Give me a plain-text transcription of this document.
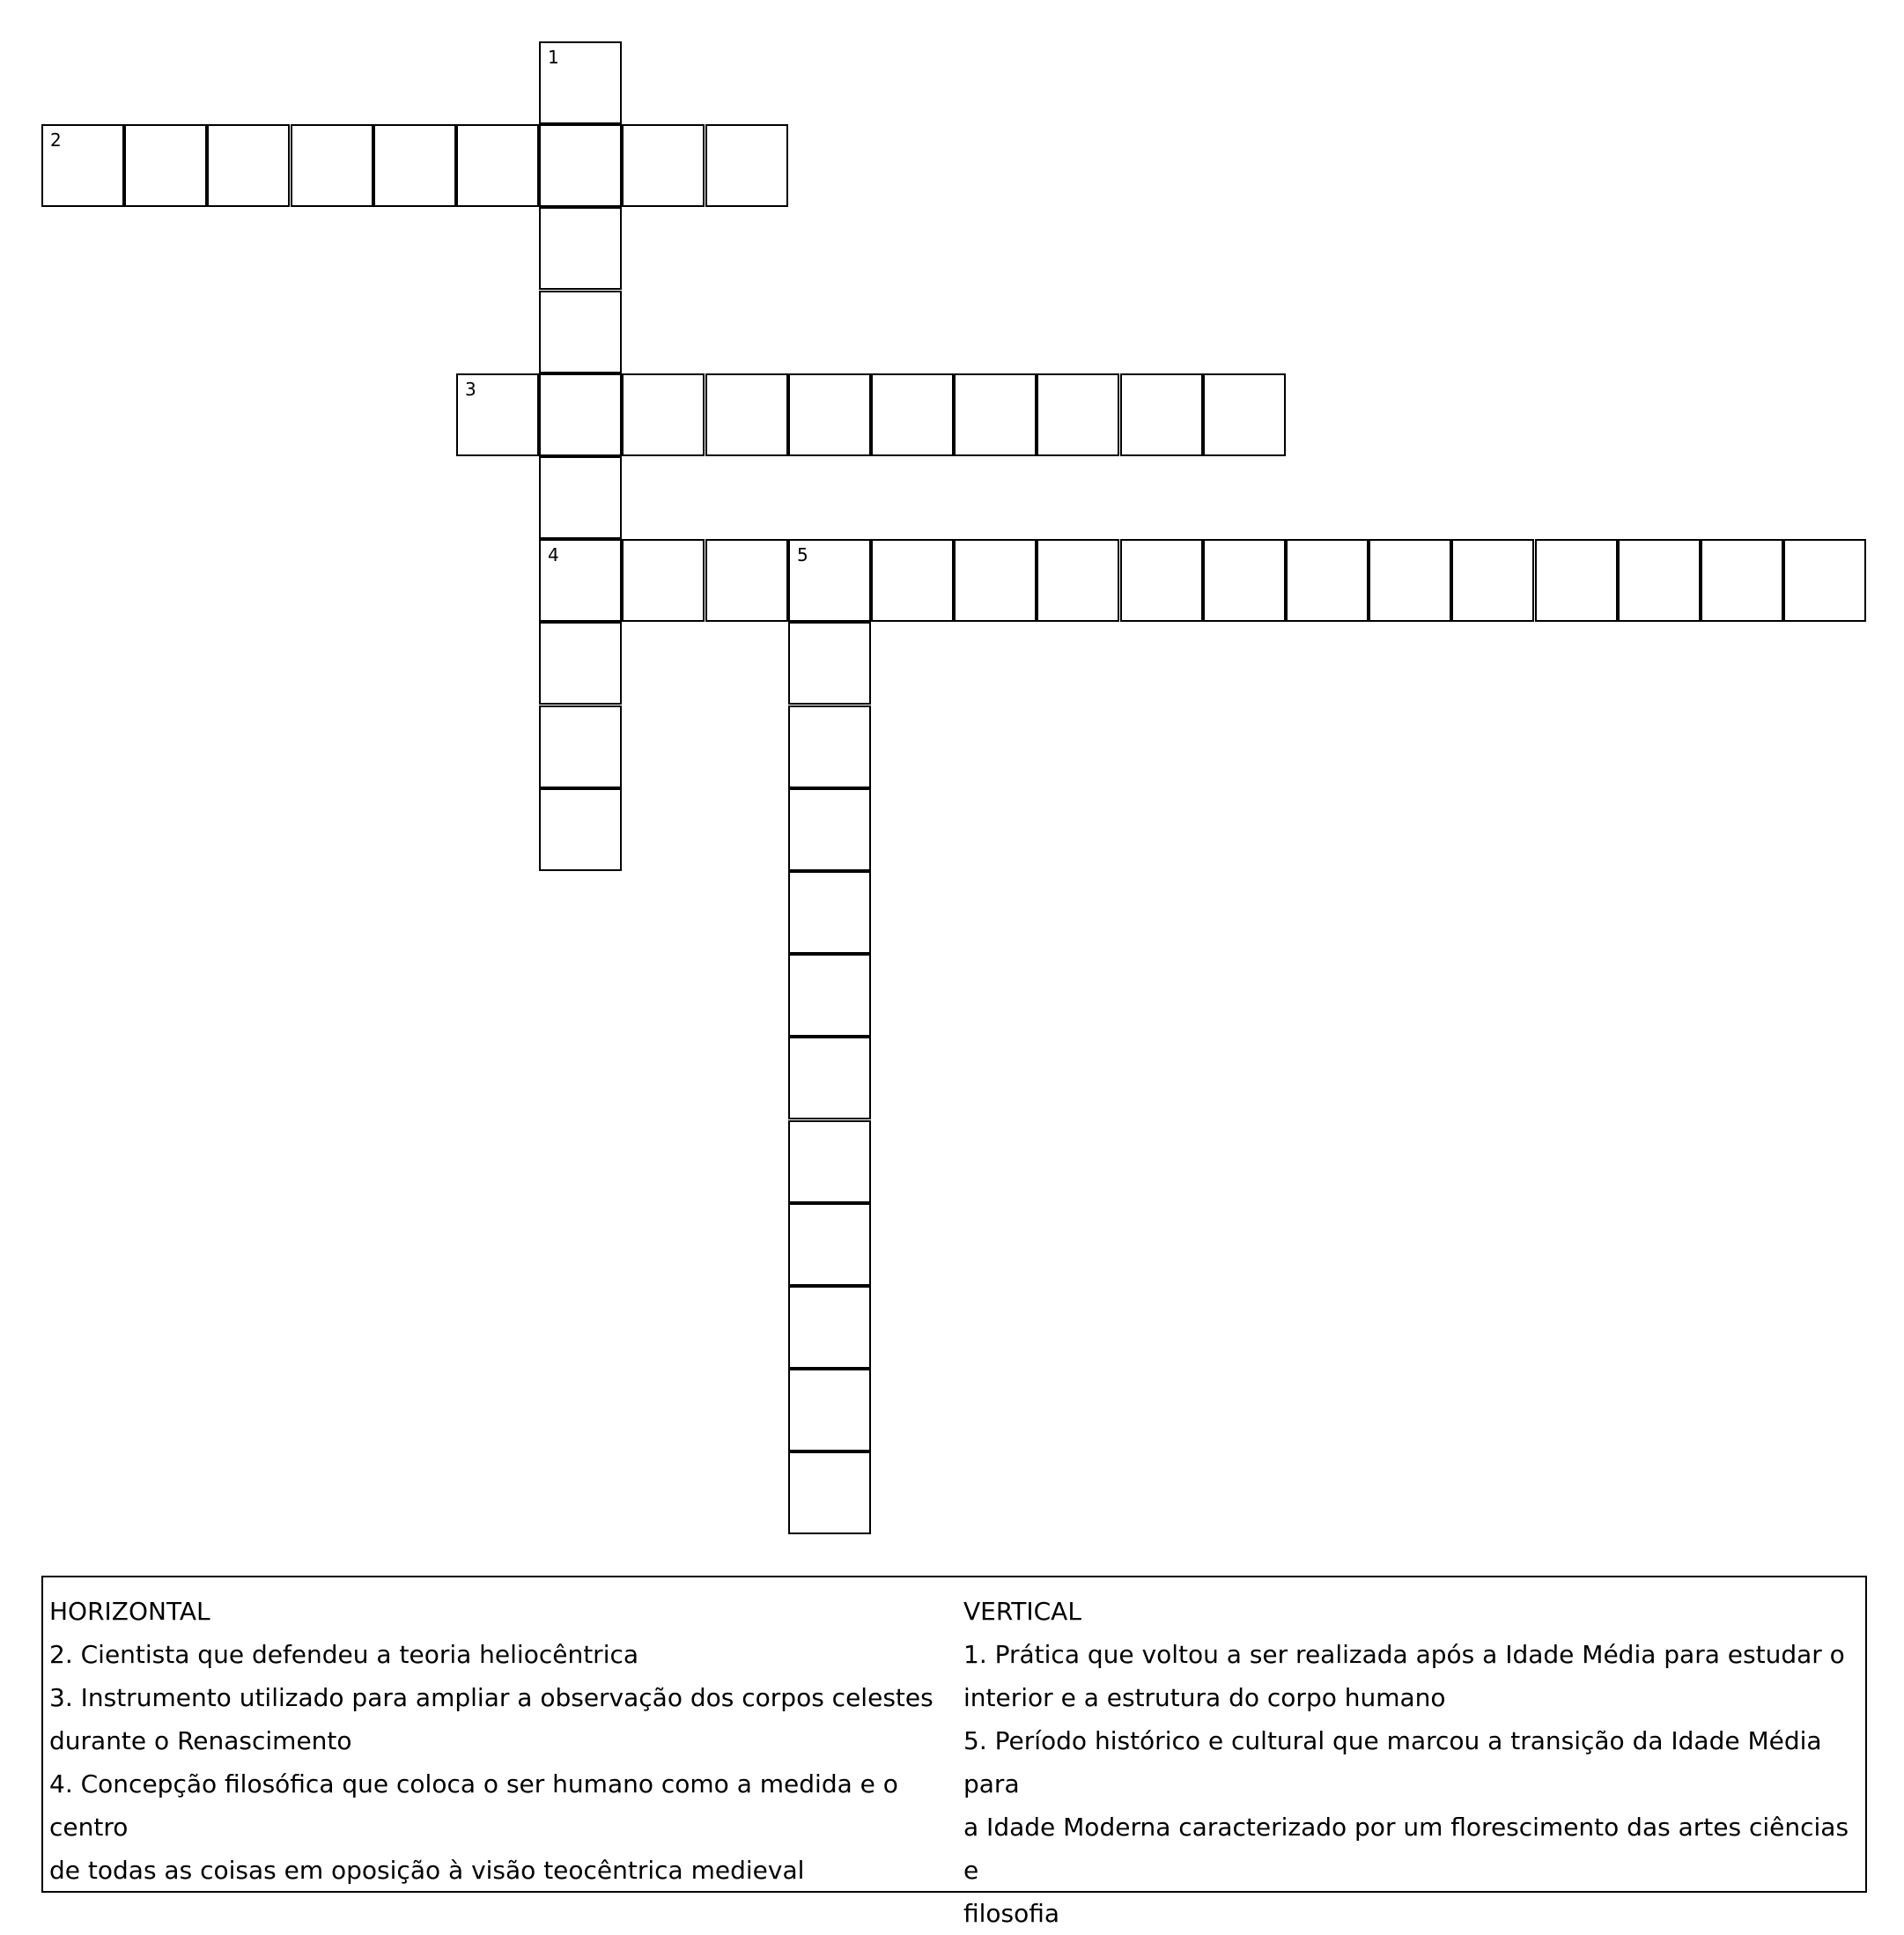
1
4
2
3
5
HORIZONTAL
2. Cientista que defendeu a teoria heliocêntrica
3. Instrumento utilizado para ampliar a observação dos corpos celestes
durante o Renascimento
4. Concepção filosófica que coloca o ser humano como a medida e o centro
de todas as coisas em oposição à visão teocêntrica medieval
VERTICAL
1. Prática que voltou a ser realizada após a Idade Média para estudar o
interior e a estrutura do corpo humano
5. Período histórico e cultural que marcou a transição da Idade Média para
a Idade Moderna caracterizado por um florescimento das artes ciências e
filosofia
